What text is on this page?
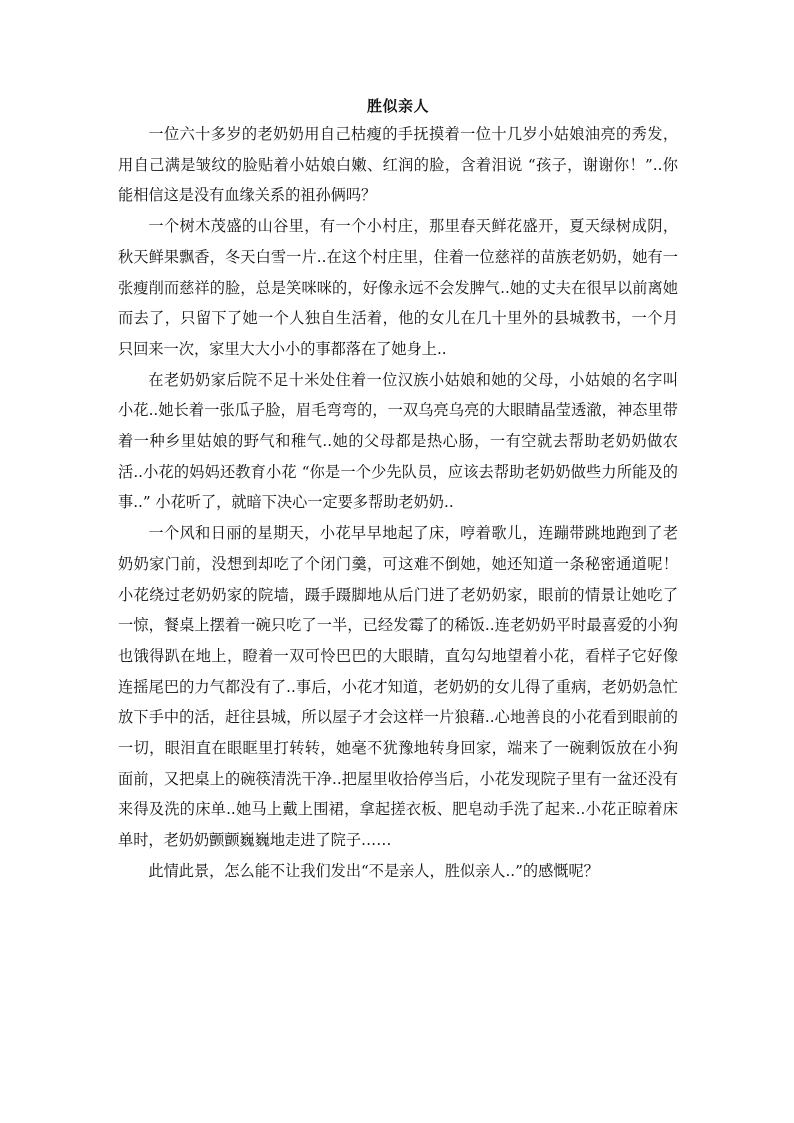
胜似亲人

一位六十多岁的老奶奶用自己枯瘦的手抚摸着一位十几岁小姑娘油亮的秀发，用自己满是皱纹的脸贴着小姑娘白嫩、红润的脸，含着泪说 “孩子，谢谢你！”..你能相信这是没有血缘关系的祖孙俩吗？

一个树木茂盛的山谷里，有一个小村庄，那里春天鲜花盛开，夏天绿树成阴，秋天鲜果飘香，冬天白雪一片..在这个村庄里，住着一位慈祥的苗族老奶奶，她有一张瘦削而慈祥的脸，总是笑咪咪的，好像永远不会发脾气..她的丈夫在很早以前离她而去了，只留下了她一个人独自生活着，他的女儿在几十里外的县城教书，一个月只回来一次，家里大大小小的事都落在了她身上..

在老奶奶家后院不足十米处住着一位汉族小姑娘和她的父母，小姑娘的名字叫小花..她长着一张瓜子脸，眉毛弯弯的，一双乌亮乌亮的大眼睛晶莹透澈，神态里带着一种乡里姑娘的野气和稚气..她的父母都是热心肠，一有空就去帮助老奶奶做农活..小花的妈妈还教育小花 “你是一个少先队员，应该去帮助老奶奶做些力所能及的事..” 小花听了，就暗下决心一定要多帮助老奶奶..

一个风和日丽的星期天，小花早早地起了床，哼着歌儿，连蹦带跳地跑到了老奶奶家门前，没想到却吃了个闭门羹，可这难不倒她，她还知道一条秘密通道呢！小花绕过老奶奶家的院墙，蹑手蹑脚地从后门进了老奶奶家，眼前的情景让她吃了一惊，餐桌上摆着一碗只吃了一半，已经发霉了的稀饭..连老奶奶平时最喜爱的小狗也饿得趴在地上，瞪着一双可怜巴巴的大眼睛，直勾勾地望着小花，看样子它好像连摇尾巴的力气都没有了..事后，小花才知道，老奶奶的女儿得了重病，老奶奶急忙放下手中的活，赶往县城，所以屋子才会这样一片狼藉..心地善良的小花看到眼前的一切，眼泪直在眼眶里打转转，她毫不犹豫地转身回家，端来了一碗剩饭放在小狗面前，又把桌上的碗筷清洗干净..把屋里收拾停当后，小花发现院子里有一盆还没有来得及洗的床单..她马上戴上围裙，拿起搓衣板、肥皂动手洗了起来..小花正晾着床单时，老奶奶颤颤巍巍地走进了院子……

此情此景，怎么能不让我们发出“不是亲人，胜似亲人..”的感慨呢？
